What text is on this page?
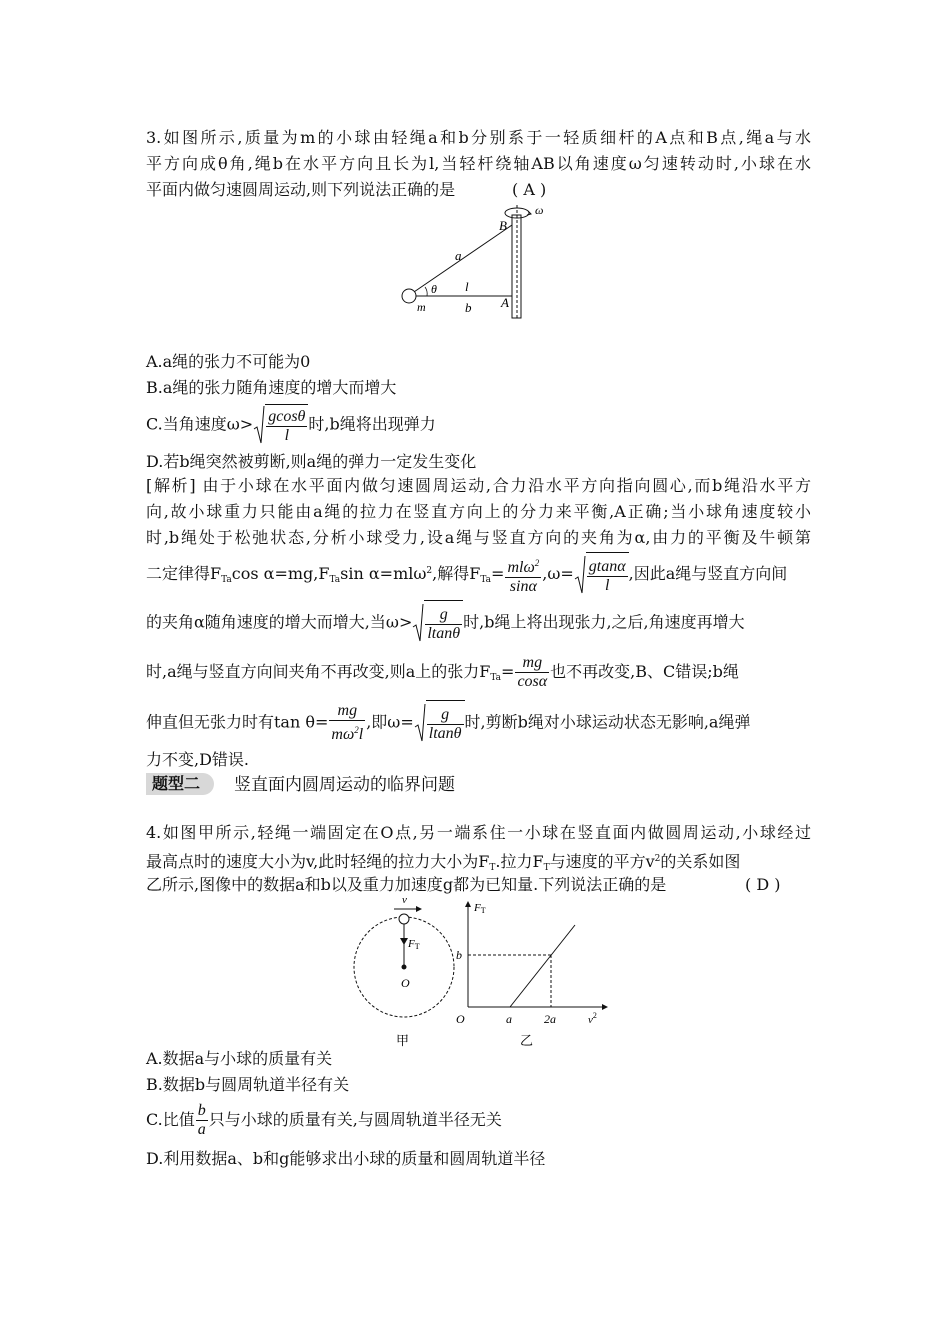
3.如图所示,质量为m的小球由轻绳a和b分别系于一轻质细杆的A点和B点,绳a与水
平方向成θ角,绳b在水平方向且长为l,当轻杆绕轴AB以角速度ω匀速转动时,小球在水
平面内做匀速圆周运动,则下列说法正确的是	( A )
ω
B
a
θ l
A
m	b
A.a绳的张力不可能为0
B.a绳的张力随角速度的增大而增大
C.当角速度$\omega> \frac{gcos\theta}{l}$ 时,b绳将出现弹力
D.若b绳突然被剪断,则a绳的弹力一定发生变化
[解析] 由于小球在水平面内做匀速圆周运动,合力沿水平方向指向圆心,而b绳沿水平方
向,故小球重力只能由a绳的拉力在竖直方向上的分力来平衡,A正确;当小球角速度较小
时,b绳处于松弛状态,分析小球受力,设a绳与竖直方向的夹角为α,由力的平衡及牛顿第
二定律得$F_{Ta}\cos$ $\alpha=mg,F_{Ta}\sin$ α=mlω$^2$,解得$F_{Ta}= \frac{ml\omega^2}{\sin\alpha} ,\omega= \frac{gtan\alpha}{l}$ ,因此a绳与竖直方向间
的夹角α随角速度的增大而增大,当$\omega> \frac{g}{ltan\theta}$ 时,b绳上将出现张力,之后,角速度再增大
时,a绳与竖直方向间夹角不再改变,则a上的张力$F_{Ta}= \frac{mg}{\cos\alpha}$ 也不再改变,B、C错误;b绳
伸直但无张力时有$\tan \theta= \frac{mg}{m\omega^2l}$ ,即$\omega= \frac{g}{ltan\theta}$ 时,剪断b绳对小球运动状态无影响,a绳弹
力不变,D错误.
题型二	竖直面内圆周运动的临界问题
4.如图甲所示,轻绳一端固定在O点,另一端系住一小球在竖直面内做圆周运动,小球经过
最高点时的速度大小为v,此时轻绳的拉力大小为$F_T$.拉力$F_T$与速度的平方$v^2$的关系如图
乙所示,图像中的数据a和b以及重力加速度g都为已知量.下列说法正确的是	( D )
v
FT
O
甲
FT
b
O	a	2a	$v^2$
乙
A.数据a与小球的质量有关
B.数据b与圆周轨道半径有关
C.比值 $\frac{b}{a}$ 只与小球的质量有关,与圆周轨道半径无关
D.利用数据a、b和g能够求出小球的质量和圆周轨道半径
